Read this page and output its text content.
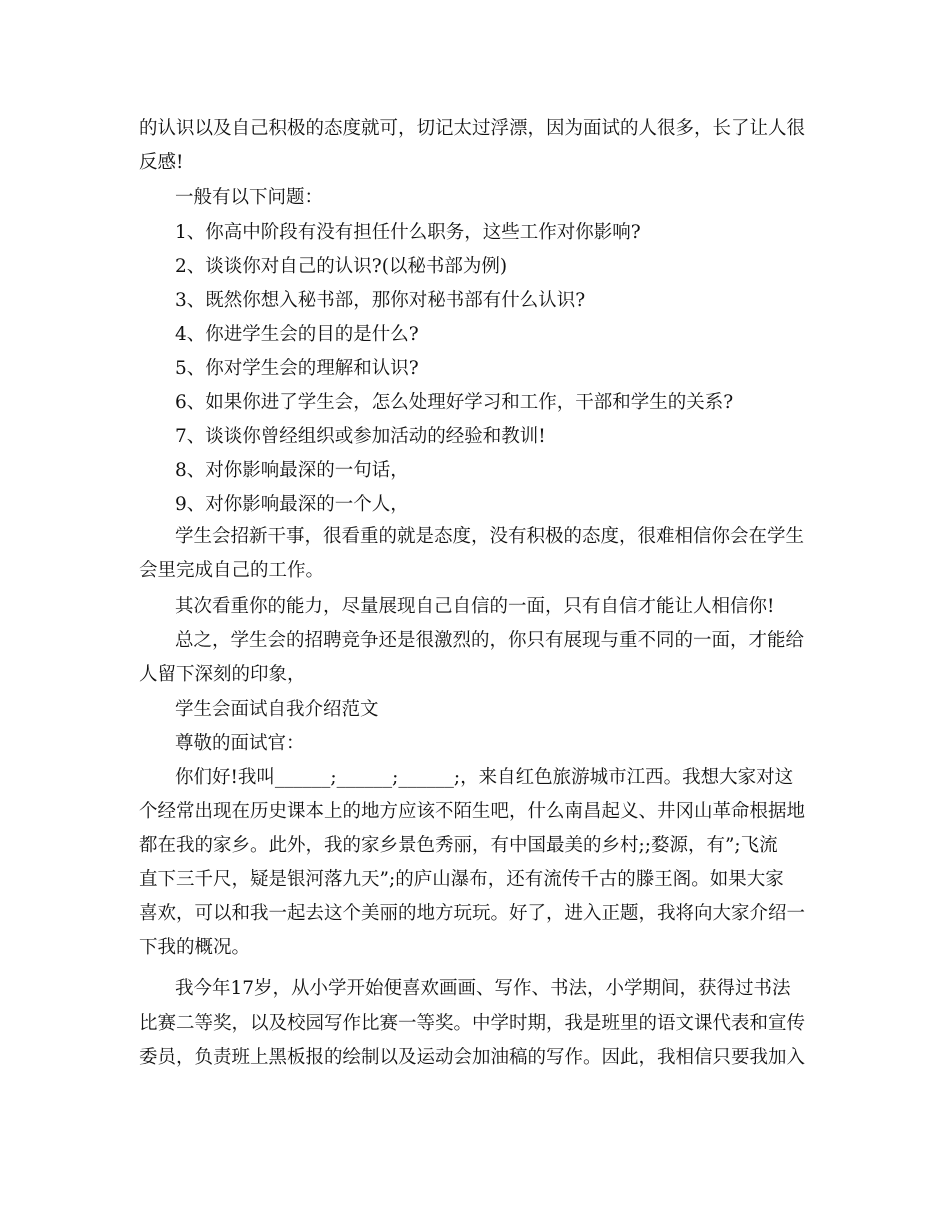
的认识以及自己积极的态度就可，切记太过浮漂，因为面试的人很多，长了让人很
反感!
一般有以下问题：
1、你高中阶段有没有担任什么职务，这些工作对你影响?
2、谈谈你对自己的认识?(以秘书部为例)
3、既然你想入秘书部，那你对秘书部有什么认识?
4、你进学生会的目的是什么?
5、你对学生会的理解和认识?
6、如果你进了学生会，怎么处理好学习和工作，干部和学生的关系?
7、谈谈你曾经组织或参加活动的经验和教训!
8、对你影响最深的一句话，
9、对你影响最深的一个人，
学生会招新干事，很看重的就是态度，没有积极的态度，很难相信你会在学生
会里完成自己的工作。
其次看重你的能力，尽量展现自己自信的一面，只有自信才能让人相信你!
总之，学生会的招聘竞争还是很激烈的，你只有展现与重不同的一面，才能给
人留下深刻的印象，
学生会面试自我介绍范文
尊敬的面试官：
你们好!我叫______;______;______;，来自红色旅游城市江西。我想大家对这
个经常出现在历史课本上的地方应该不陌生吧，什么南昌起义、井冈山革命根据地
都在我的家乡。此外，我的家乡景色秀丽，有中国最美的乡村;;婺源，有”;飞流
直下三千尺，疑是银河落九天”;的庐山瀑布，还有流传千古的滕王阁。如果大家
喜欢，可以和我一起去这个美丽的地方玩玩。好了，进入正题，我将向大家介绍一
下我的概况。
我今年17岁，从小学开始便喜欢画画、写作、书法，小学期间，获得过书法
比赛二等奖，以及校园写作比赛一等奖。中学时期，我是班里的语文课代表和宣传
委员，负责班上黑板报的绘制以及运动会加油稿的写作。因此，我相信只要我加入
